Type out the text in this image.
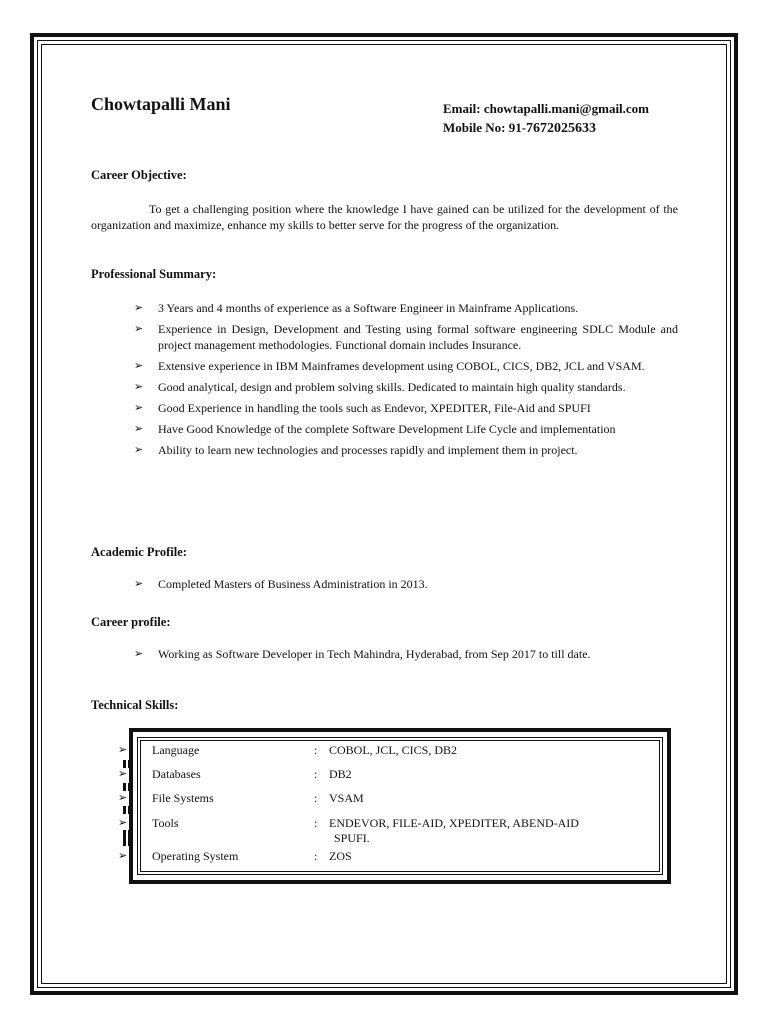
Chowtapalli Mani	Email: chowtapalli.mani@gmail.com
Mobile No: 91-7672025633
Career Objective:
To get a challenging position where the knowledge I have gained can be utilized for the development of the organization and maximize, enhance my skills to better serve for the progress of the organization.
Professional Summary:
➢ 3 Years and 4 months of experience as a Software Engineer in Mainframe Applications.
➢ Experience in Design, Development and Testing using formal software engineering SDLC Module and project management methodologies. Functional domain includes Insurance.
➢ Extensive experience in IBM Mainframes development using COBOL, CICS, DB2, JCL and VSAM.
➢ Good analytical, design and problem solving skills. Dedicated to maintain high quality standards.
➢ Good Experience in handling the tools such as Endevor, XPEDITER, File-Aid and SPUFI
➢ Have Good Knowledge of the complete Software Development Life Cycle and implementation
➢ Ability to learn new technologies and processes rapidly and implement them in project.
Academic Profile:
➢ Completed Masters of Business Administration in 2013.
Career profile:
➢ Working as Software Developer in Tech Mahindra, Hyderabad, from Sep 2017 to till date.
Technical Skills:
➢ Language	: COBOL, JCL, CICS, DB2
➢ Databases	: DB2
➢ File Systems	: VSAM
➢ Tools	: ENDEVOR, FILE-AID, XPEDITER, ABEND-AID
SPUFI.
➢ Operating System	: ZOS
